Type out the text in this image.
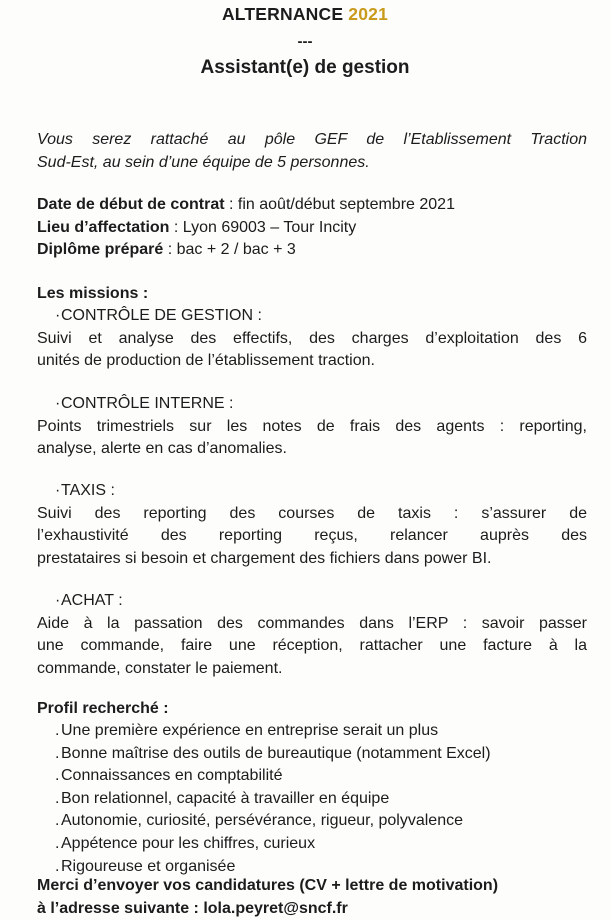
ALTERNANCE 2021
---
Assistant(e) de gestion
Vous serez rattaché au pôle GEF de l’Etablissement Traction
Sud-Est, au sein d’une équipe de 5 personnes.
Date de début de contrat : fin août/début septembre 2021
Lieu d’affectation : Lyon 69003 – Tour Incity
Diplôme préparé : bac + 2 / bac + 3
Les missions :
·CONTRÔLE DE GESTION :
Suivi et analyse des effectifs, des charges d’exploitation des 6
unités de production de l’établissement traction.
·CONTRÔLE INTERNE :
Points trimestriels sur les notes de frais des agents : reporting,
analyse, alerte en cas d’anomalies.
·TAXIS :
Suivi des reporting des courses de taxis : s’assurer de
l’exhaustivité des reporting reçus, relancer auprès des
prestataires si besoin et chargement des fichiers dans power BI.
·ACHAT :
Aide à la passation des commandes dans l’ERP : savoir passer
une commande, faire une réception, rattacher une facture à la
commande, constater le paiement.
Profil recherché :
.Une première expérience en entreprise serait un plus
.Bonne maîtrise des outils de bureautique (notamment Excel)
.Connaissances en comptabilité
.Bon relationnel, capacité à travailler en équipe
.Autonomie, curiosité, persévérance, rigueur, polyvalence
.Appétence pour les chiffres, curieux
.Rigoureuse et organisée
Merci d’envoyer vos candidatures (CV + lettre de motivation)
à l’adresse suivante : lola.peyret@sncf.fr
